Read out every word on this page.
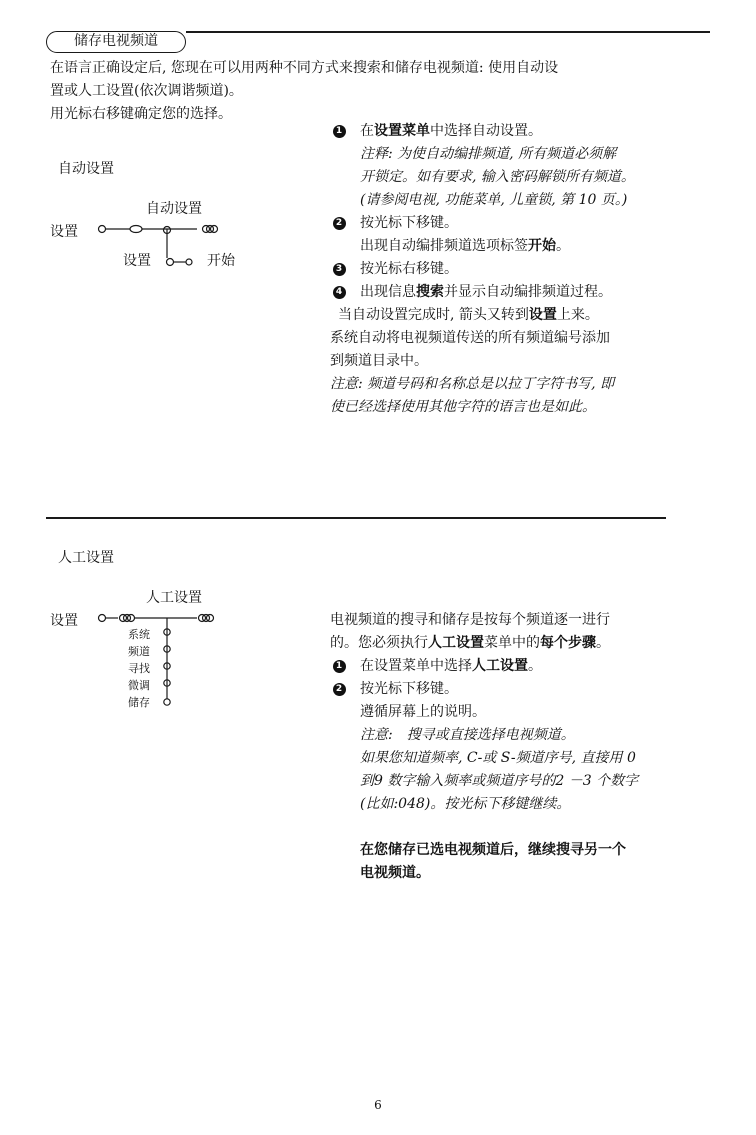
储存电视频道
在语言正确设定后, 您现在可以用两种不同方式来搜索和储存电视频道: 使用自动设
置或人工设置(依次调谐频道)。
用光标右移键确定您的选择。
自动设置
自动设置
设置
设置	开始
1 在设置菜单中选择自动设置。
注释: 为使自动编排频道, 所有频道必须解
开锁定。如有要求, 输入密码解锁所有频道。
(请参阅电视, 功能菜单, 儿童锁, 第 10 页。)
2 按光标下移键。
出现自动编排频道选项标签开始。
3 按光标右移键。
4 出现信息搜索并显示自动编排频道过程。
当自动设置完成时, 箭头又转到设置上来。
系统自动将电视频道传送的所有频道编号添加
到频道目录中。
注意: 频道号码和名称总是以拉丁字符书写, 即
使已经选择使用其他字符的语言也是如此。
人工设置
人工设置
设置
系统
频道
寻找
微调
储存
电视频道的搜寻和储存是按每个频道逐一进行
的。您必须执行人工设置菜单中的每个步骤。
1 在设置菜单中选择人工设置。
2 按光标下移键。
遵循屏幕上的说明。
注意:　搜寻或直接选择电视频道。
如果您知道频率, C-或 S-频道序号, 直接用 0
到9 数字输入频率或频道序号的2 －3 个数字
(比如:048)。按光标下移键继续。
在您储存已选电视频道后，继续搜寻另一个
电视频道。
6
